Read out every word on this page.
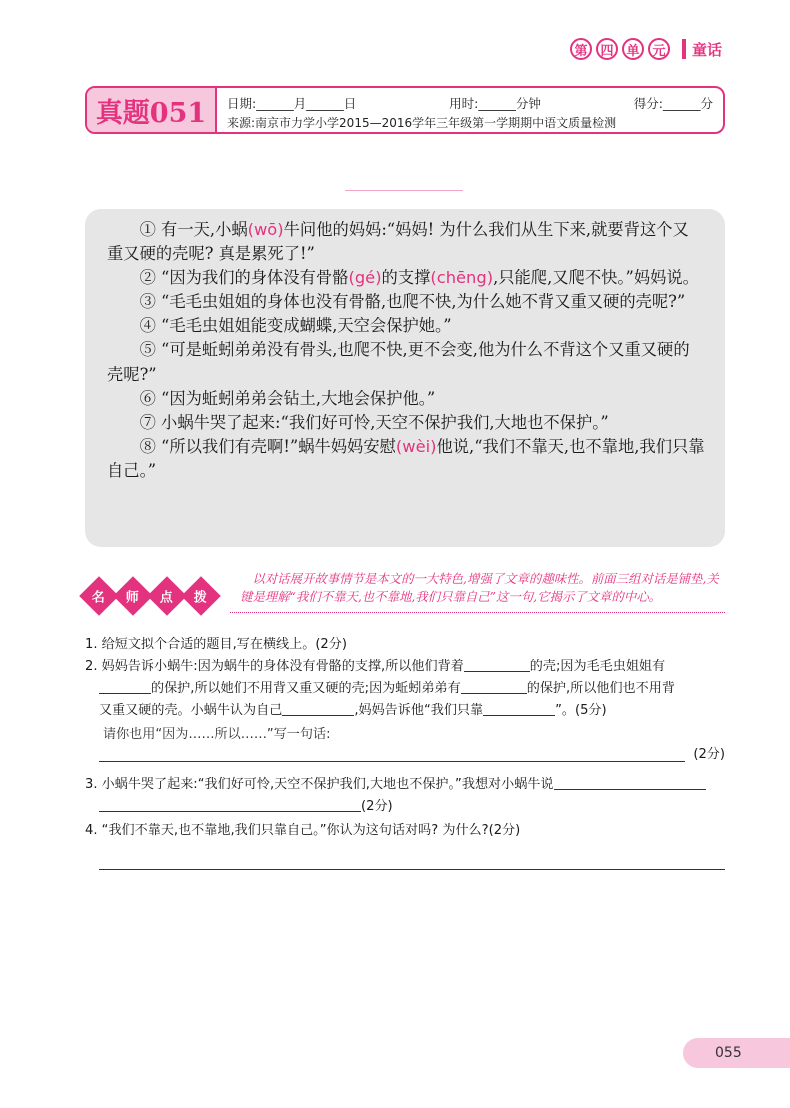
第 四 单 元	童话
真题051	日期:______月______日	用时:______分钟	得分:______分
来源:南京市力学小学2015—2016学年三年级第一学期期中语文质量检测

① 有一天,小蜗(wō)牛问他的妈妈:“妈妈! 为什么我们从生下来,就要背这个又重又硬的壳呢? 真是累死了!”

② “因为我们的身体没有骨骼(gé)的支撑(chēng),只能爬,又爬不快。”妈妈说。

③ “毛毛虫姐姐的身体也没有骨骼,也爬不快,为什么她不背又重又硬的壳呢?”

④ “毛毛虫姐姐能变成蝴蝶,天空会保护她。”

⑤ “可是蚯蚓弟弟没有骨头,也爬不快,更不会变,他为什么不背这个又重又硬的壳呢?”

⑥ “因为蚯蚓弟弟会钻土,大地会保护他。”

⑦ 小蜗牛哭了起来:“我们好可怜,天空不保护我们,大地也不保护。”

⑧ “所以我们有壳啊!”蜗牛妈妈安慰(wèi)他说,“我们不靠天,也不靠地,我们只靠自己。”

名 师 点 拨
以对话展开故事情节是本文的一大特色,增强了文章的趣味性。前面三组对话是铺垫,关键是理解“我们不靠天,也不靠地,我们只靠自己”这一句,它揭示了文章的中心。
1. 给短文拟个合适的题目,写在横线上。(2分)
2. 妈妈告诉小蜗牛:因为蜗牛的身体没有骨骼的支撑,所以他们背着	的壳;因为毛毛虫姐姐有
的保护,所以她们不用背又重又硬的壳;因为蚯蚓弟弟有	的保护,所以他们也不用背
又重又硬的壳。小蜗牛认为自己	,妈妈告诉他“我们只靠	”。(5分)
请你也用“因为……所以……”写一句话:
(2分)
3. 小蜗牛哭了起来:“我们好可怜,天空不保护我们,大地也不保护。”我想对小蜗牛说
(2分)
4. “我们不靠天,也不靠地,我们只靠自己。”你认为这句话对吗? 为什么?(2分)
055
